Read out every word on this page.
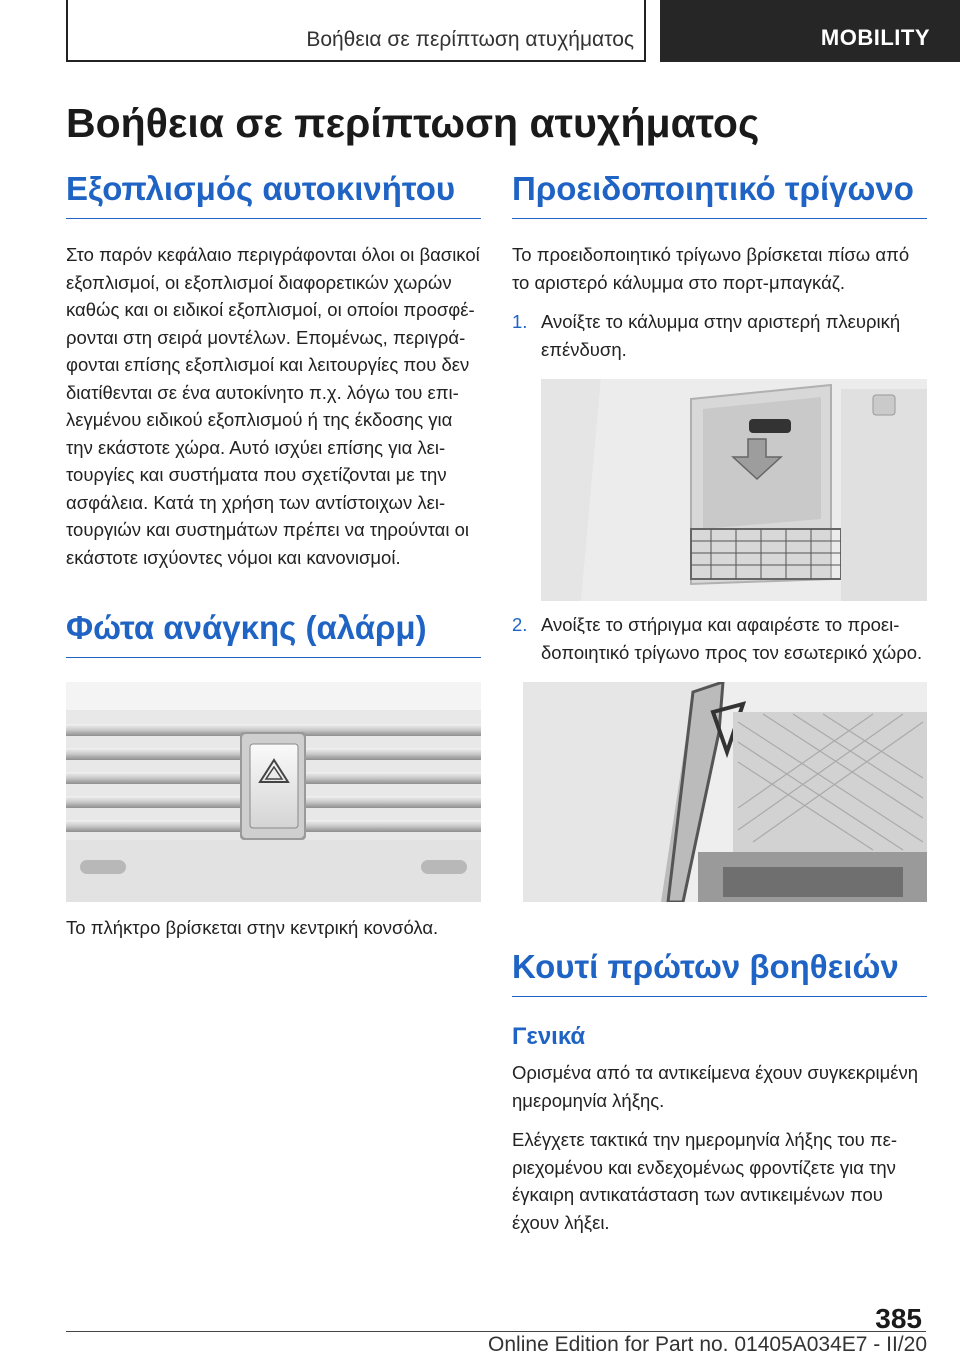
Βοήθεια σε περίπτωση ατυχήματος	MOBILITY
Βοήθεια σε περίπτωση ατυχήματος
Εξοπλισμός αυτοκινήτου

Στο παρόν κεφάλαιο περιγράφονται όλοι οι βασικοί εξοπλισμοί, οι εξοπλισμοί διαφορετικών χωρών καθώς και οι ειδικοί εξοπλισμοί, οι οποίοι προσφέρονται στη σειρά μοντέλων. Επομένως, περιγράφονται επίσης εξοπλισμοί και λειτουργίες που δεν διατίθενται σε ένα αυτοκίνητο π.χ. λόγω του επιλεγμένου ειδικού εξοπλισμού ή της έκδοσης για την εκάστοτε χώρα. Αυτό ισχύει επίσης για λειτουργίες και συστήματα που σχετίζονται με την ασφάλεια. Κατά τη χρήση των αντίστοιχων λειτουργιών και συστημάτων πρέπει να τηρούνται οι εκάστοτε ισχύοντες νόμοι και κανονισμοί.

Φώτα ανάγκης (αλάρμ)

Το πλήκτρο βρίσκεται στην κεντρική κονσόλα.

Προειδοποιητικό τρίγωνο

Το προειδοποιητικό τρίγωνο βρίσκεται πίσω από το αριστερό κάλυμμα στο πορτ-μπαγκάζ.

1. Ανοίξτε το κάλυμμα στην αριστερή πλευρική επένδυση.
2. Ανοίξτε το στήριγμα και αφαιρέστε το προειδοποιητικό τρίγωνο προς τον εσωτερικό χώρο.
Κουτί πρώτων βοηθειών
Γενικά

Ορισμένα από τα αντικείμενα έχουν συγκεκριμένη ημερομηνία λήξης.

Ελέγχετε τακτικά την ημερομηνία λήξης του περιεχομένου και ενδεχομένως φροντίζετε για την έγκαιρη αντικατάσταση των αντικειμένων που έχουν λήξει.

385
Online Edition for Part no. 01405A034E7 - II/20
